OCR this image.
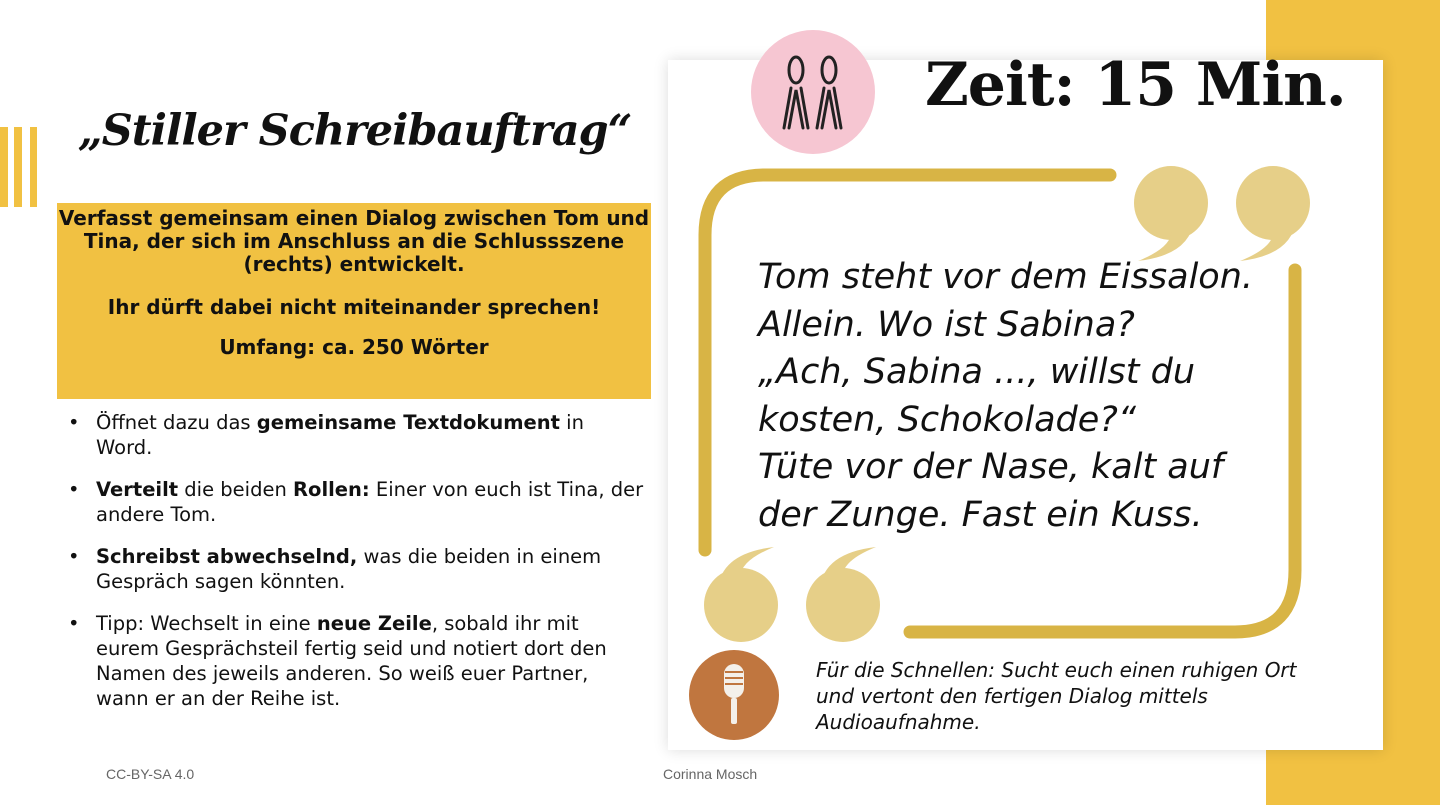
„Stiller Schreibauftrag“

Verfasst gemeinsam einen Dialog zwischen Tom und Tina, der sich im Anschluss an die Schlussszene (rechts) entwickelt.

Ihr dürft dabei nicht miteinander sprechen!

Umfang: ca. 250 Wörter

• Öffnet dazu das gemeinsame Textdokument in Word.
• Verteilt die beiden Rollen: Einer von euch ist Tina, der andere Tom.
• Schreibst abwechselnd, was die beiden in einem Gespräch sagen könnten.
• Tipp: Wechselt in eine neue Zeile, sobald ihr mit eurem Gesprächsteil fertig seid und notiert dort den Namen des jeweils anderen. So weiß euer Partner, wann er an der Reihe ist.
CC-BY-SA 4.0	Corinna Mosch
Zeit: 15 Min.

Tom steht vor dem Eissalon.
Allein. Wo ist Sabina?
„Ach, Sabina ..., willst du
kosten, Schokolade?“
Tüte vor der Nase, kalt auf
der Zunge. Fast ein Kuss.

Für die Schnellen: Sucht euch einen ruhigen Ort und vertont den fertigen Dialog mittels Audioaufnahme.
